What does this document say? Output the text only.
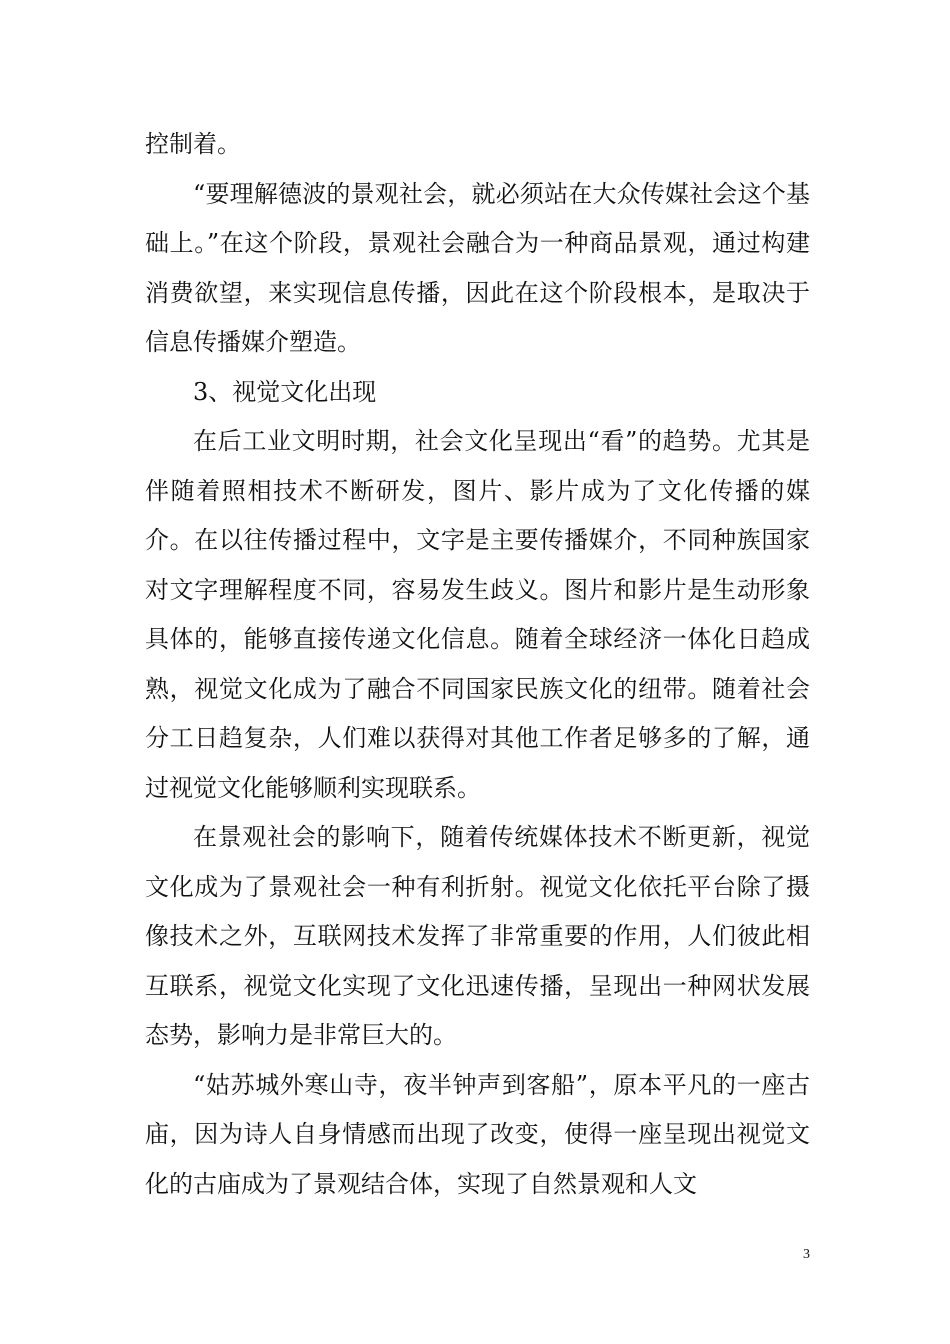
控制着。

“要理解德波的景观社会，就必须站在大众传媒社会这个基础上。”在这个阶段，景观社会融合为一种商品景观，通过构建消费欲望，来实现信息传播，因此在这个阶段根本，是取决于信息传播媒介塑造。

3、视觉文化出现

在后工业文明时期，社会文化呈现出“看”的趋势。尤其是伴随着照相技术不断研发，图片、影片成为了文化传播的媒介。在以往传播过程中，文字是主要传播媒介，不同种族国家对文字理解程度不同，容易发生歧义。图片和影片是生动形象具体的，能够直接传递文化信息。随着全球经济一体化日趋成熟，视觉文化成为了融合不同国家民族文化的纽带。随着社会分工日趋复杂，人们难以获得对其他工作者足够多的了解，通过视觉文化能够顺利实现联系。

在景观社会的影响下，随着传统媒体技术不断更新，视觉文化成为了景观社会一种有利折射。视觉文化依托平台除了摄像技术之外，互联网技术发挥了非常重要的作用，人们彼此相互联系，视觉文化实现了文化迅速传播，呈现出一种网状发展态势，影响力是非常巨大的。

“姑苏城外寒山寺，夜半钟声到客船”，原本平凡的一座古庙，因为诗人自身情感而出现了改变，使得一座呈现出视觉文化的古庙成为了景观结合体，实现了自然景观和人文

3
